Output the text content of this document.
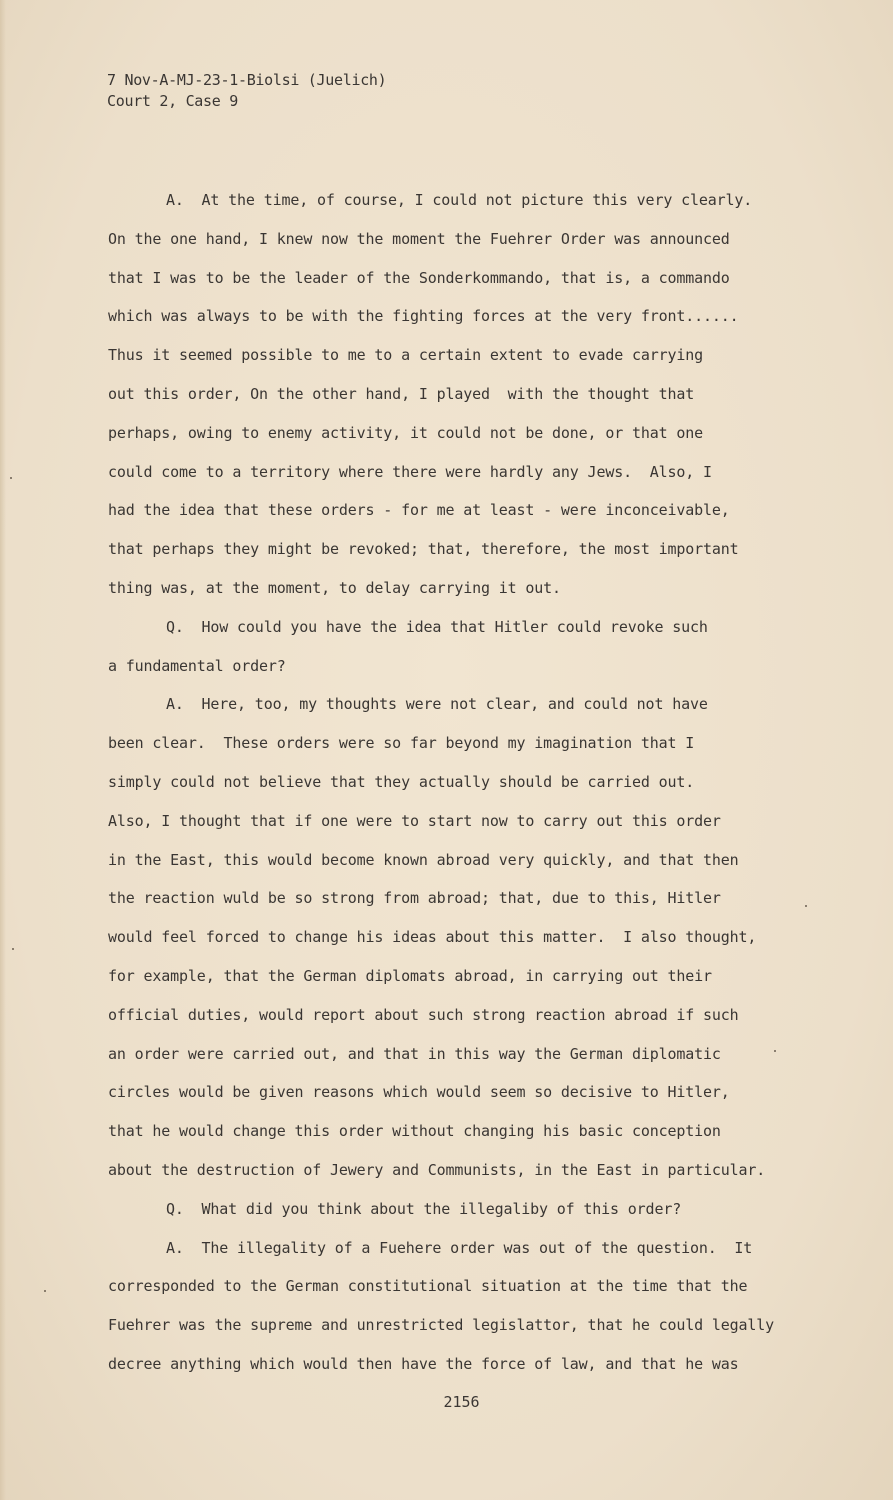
7 Nov-A-MJ-23-1-Biolsi (Juelich)
Court 2, Case 9
A.  At the time, of course, I could not picture this very clearly.
On the one hand, I knew now the moment the Fuehrer Order was announced
that I was to be the leader of the Sonderkommando, that is, a commando
which was always to be with the fighting forces at the very front......
Thus it seemed possible to me to a certain extent to evade carrying
out this order, On the other hand, I played  with the thought that
perhaps, owing to enemy activity, it could not be done, or that one
could come to a territory where there were hardly any Jews.  Also, I
had the idea that these orders - for me at least - were inconceivable,
that perhaps they might be revoked; that, therefore, the most important
thing was, at the moment, to delay carrying it out.
Q.  How could you have the idea that Hitler could revoke such
a fundamental order?
A.  Here, too, my thoughts were not clear, and could not have
been clear.  These orders were so far beyond my imagination that I
simply could not believe that they actually should be carried out.
Also, I thought that if one were to start now to carry out this order
in the East, this would become known abroad very quickly, and that then
the reaction wuld be so strong from abroad; that, due to this, Hitler
would feel forced to change his ideas about this matter.  I also thought,
for example, that the German diplomats abroad, in carrying out their
official duties, would report about such strong reaction abroad if such
an order were carried out, and that in this way the German diplomatic
circles would be given reasons which would seem so decisive to Hitler,
that he would change this order without changing his basic conception
about the destruction of Jewery and Communists, in the East in particular.
Q.  What did you think about the illegaliby of this order?
A.  The illegality of a Fuehere order was out of the question.  It
corresponded to the German constitutional situation at the time that the
Fuehrer was the supreme and unrestricted legislattor, that he could legally
decree anything which would then have the force of law, and that he was
2156
